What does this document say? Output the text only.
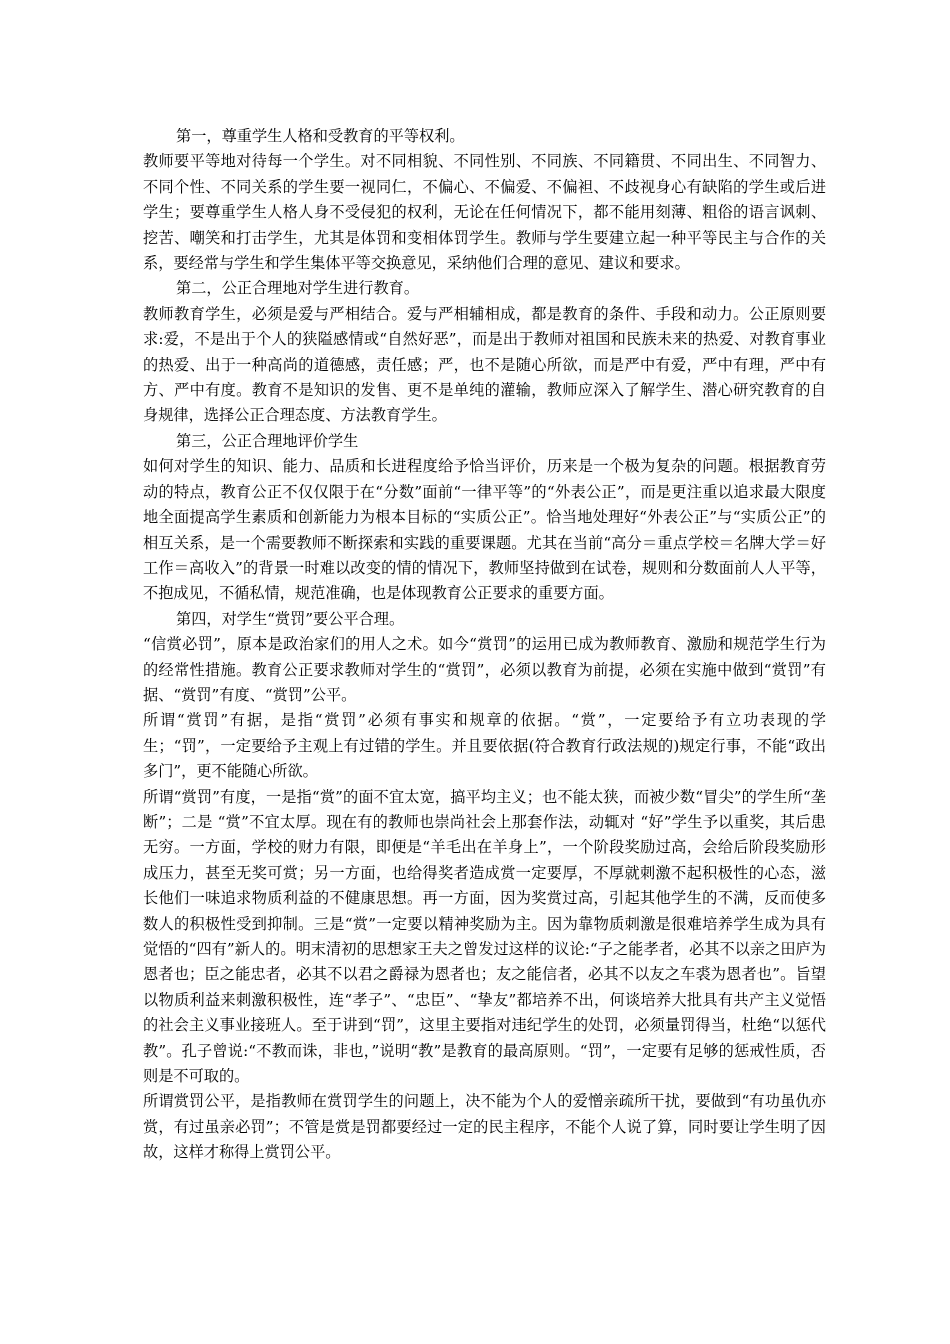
第一，尊重学生人格和受教育的平等权利。

教师要平等地对待每一个学生。对不同相貌、不同性别、不同族、不同籍贯、不同出生、不同智力、不同个性、不同关系的学生要一视同仁，不偏心、不偏爱、不偏袒、不歧视身心有缺陷的学生或后进学生；要尊重学生人格人身不受侵犯的权利，无论在任何情况下，都不能用刻薄、粗俗的语言讽刺、挖苦、嘲笑和打击学生，尤其是体罚和变相体罚学生。教师与学生要建立起一种平等民主与合作的关系，要经常与学生和学生集体平等交换意见，采纳他们合理的意见、建议和要求。

第二，公正合理地对学生进行教育。

教师教育学生，必须是爱与严相结合。爱与严相辅相成，都是教育的条件、手段和动力。公正原则要求:爱，不是出于个人的狭隘感情或“自然好恶”，而是出于教师对祖国和民族未来的热爱、对教育事业的热爱、出于一种高尚的道德感，责任感；严，也不是随心所欲，而是严中有爱，严中有理，严中有方、严中有度。教育不是知识的发售、更不是单纯的灌输，教师应深入了解学生、潜心研究教育的自身规律，选择公正合理态度、方法教育学生。

第三，公正合理地评价学生

如何对学生的知识、能力、品质和长进程度给予恰当评价，历来是一个极为复杂的问题。根据教育劳动的特点，教育公正不仅仅限于在“分数”面前“一律平等”的“外表公正”，而是更注重以追求最大限度地全面提高学生素质和创新能力为根本目标的“实质公正”。恰当地处理好“外表公正”与“实质公正”的相互关系，是一个需要教师不断探索和实践的重要课题。尤其在当前“高分＝重点学校＝名牌大学＝好工作＝高收入”的背景一时难以改变的情的情况下，教师坚持做到在试卷，规则和分数面前人人平等，不抱成见，不循私情，规范准确，也是体现教育公正要求的重要方面。

第四，对学生“赏罚”要公平合理。

“信赏必罚”，原本是政治家们的用人之术。如今“赏罚”的运用已成为教师教育、激励和规范学生行为的经常性措施。教育公正要求教师对学生的“赏罚”，必须以教育为前提，必须在实施中做到“赏罚”有据、“赏罚”有度、“赏罚”公平。

所谓“赏罚”有据，是指“赏罚”必须有事实和规章的依据。“赏”，一定要给予有立功表现的学生；“罚”，一定要给予主观上有过错的学生。并且要依据(符合教育行政法规的)规定行事，不能“政出多门”，更不能随心所欲。

所谓“赏罚”有度，一是指“赏”的面不宜太宽，搞平均主义；也不能太狭，而被少数“冒尖”的学生所“垄断”；二是 “赏”不宜太厚。现在有的教师也崇尚社会上那套作法，动辄对 “好”学生予以重奖，其后患无穷。一方面，学校的财力有限，即便是“羊毛出在羊身上”，一个阶段奖励过高，会给后阶段奖励形成压力，甚至无奖可赏；另一方面，也给得奖者造成赏一定要厚，不厚就刺激不起积极性的心态，滋长他们一味追求物质利益的不健康思想。再一方面，因为奖赏过高，引起其他学生的不满，反而使多数人的积极性受到抑制。三是“赏”一定要以精神奖励为主。因为靠物质刺激是很难培养学生成为具有觉悟的“四有”新人的。明末清初的思想家王夫之曾发过这样的议论:“子之能孝者，必其不以亲之田庐为恩者也；臣之能忠者，必其不以君之爵禄为恩者也；友之能信者，必其不以友之车裘为恩者也”。旨望以物质利益来刺激积极性，连“孝子”、“忠臣”、“挚友”都培养不出，何谈培养大批具有共产主义觉悟的社会主义事业接班人。至于讲到“罚”，这里主要指对违纪学生的处罚，必须量罚得当，杜绝“以惩代教”。孔子曾说:“不教而诛，非也，”说明“教”是教育的最高原则。“罚”，一定要有足够的惩戒性质，否则是不可取的。

所谓赏罚公平，是指教师在赏罚学生的问题上，决不能为个人的爱憎亲疏所干扰，要做到“有功虽仇亦赏，有过虽亲必罚”；不管是赏是罚都要经过一定的民主程序，不能个人说了算，同时要让学生明了因故，这样才称得上赏罚公平。
